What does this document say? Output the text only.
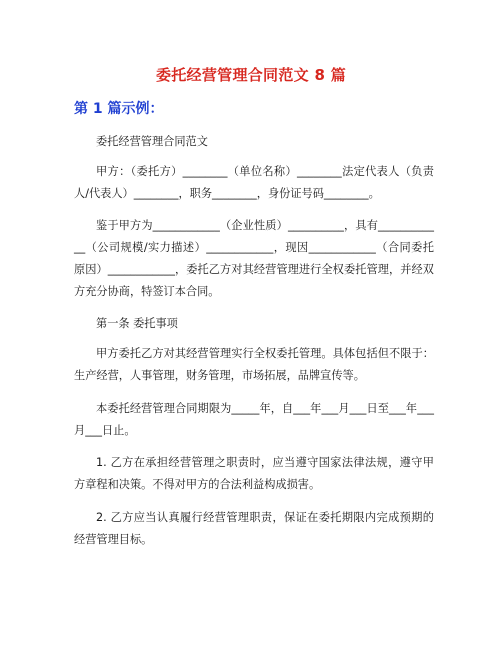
委托经营管理合同范文 8 篇
第 1 篇示例：

委托经营管理合同范文

甲方：（委托方）________（单位名称）________法定代表人（负责人/代表人）________，职务________，身份证号码________。

鉴于甲方为____________（企业性质）__________，具有____________（公司规模/实力描述）____________，现因____________（合同委托原因）____________，委托乙方对其经营管理进行全权委托管理，并经双方充分协商，特签订本合同。

第一条 委托事项

甲方委托乙方对其经营管理实行全权委托管理。具体包括但不限于：生产经营，人事管理，财务管理，市场拓展，品牌宣传等。

本委托经营管理合同期限为_____年，自___年___月___日至___年___月___日止。

1. 乙方在承担经营管理之职责时，应当遵守国家法律法规，遵守甲方章程和决策。不得对甲方的合法利益构成损害。

2. 乙方应当认真履行经营管理职责，保证在委托期限内完成预期的经营管理目标。
